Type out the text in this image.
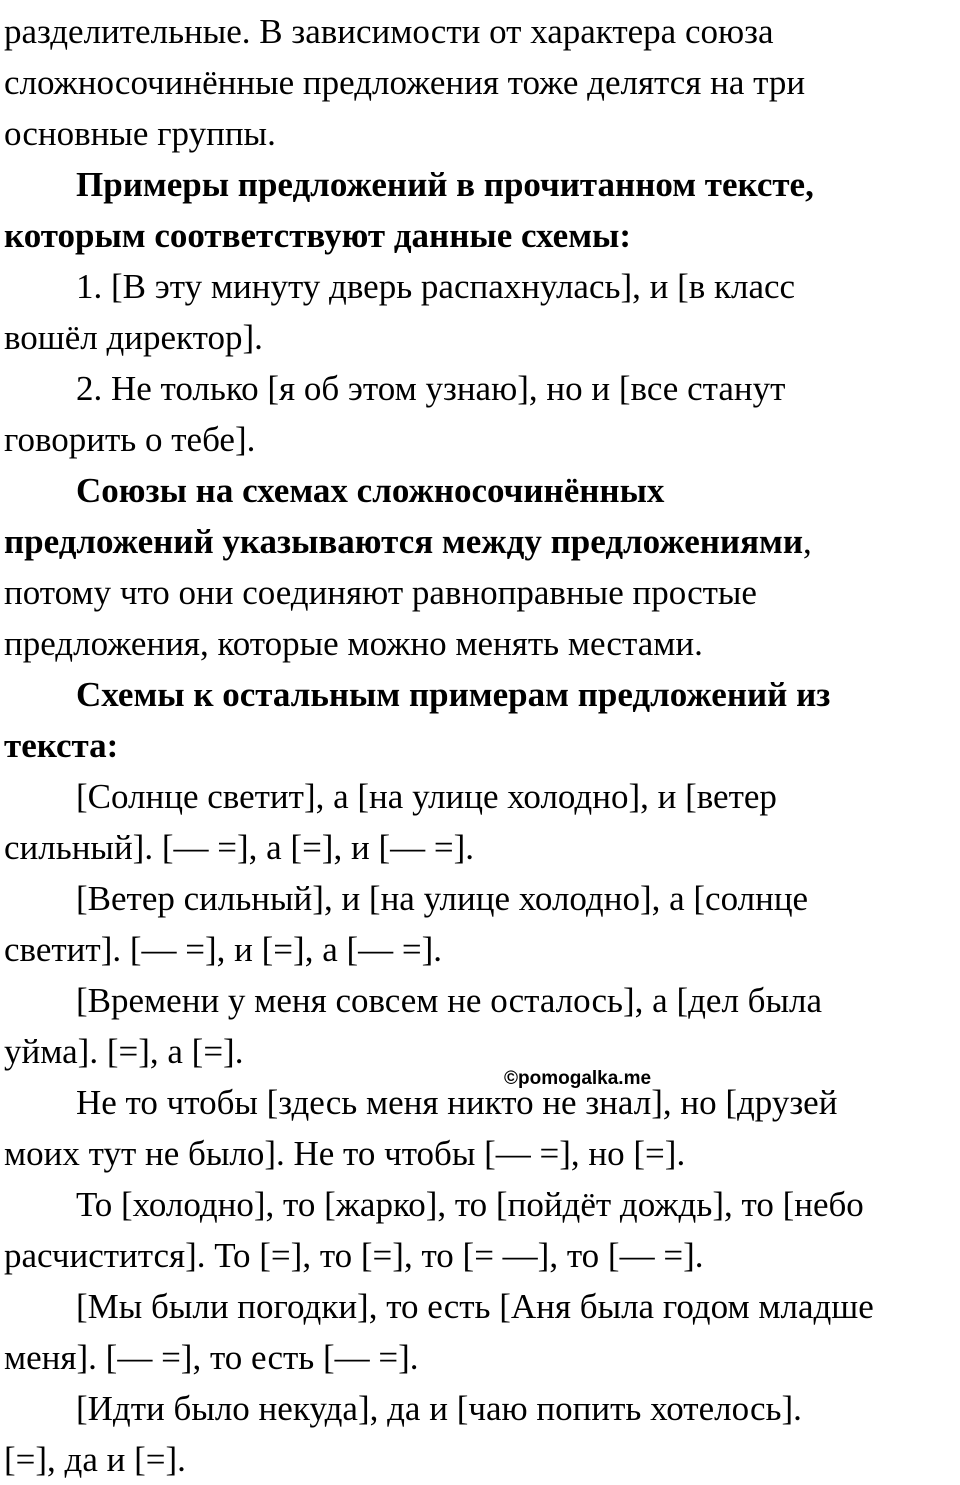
разделительные. В зависимости от характера союза
сложносочинённые предложения тоже делятся на три
основные группы.
Примеры предложений в прочитанном тексте,
которым соответствуют данные схемы:
1. [В эту минуту дверь распахнулась], и [в класс
вошёл директор].
2. Не только [я об этом узнаю], но и [все станут
говорить о тебе].
Союзы на схемах сложносочинённых
предложений указываются между предложениями,
потому что они соединяют равноправные простые
предложения, которые можно менять местами.
Схемы к остальным примерам предложений из
текста:
[Солнце светит], а [на улице холодно], и [ветер
сильный]. [— =], а [=], и [— =].
[Ветер сильный], и [на улице холодно], а [солнце
светит]. [— =], и [=], а [— =].
[Времени у меня совсем не осталось], а [дел была
уйма]. [=], а [=].
Не то чтобы [здесь меня никто не знал], но [друзей
моих тут не было]. Не то чтобы [— =], но [=].
То [холодно], то [жарко], то [пойдёт дождь], то [небо
расчистится]. То [=], то [=], то [= —], то [— =].
[Мы были погодки], то есть [Аня была годом младше
меня]. [— =], то есть [— =].
[Идти было некуда], да и [чаю попить хотелось].
[=], да и [=].
©pomogalka.me
